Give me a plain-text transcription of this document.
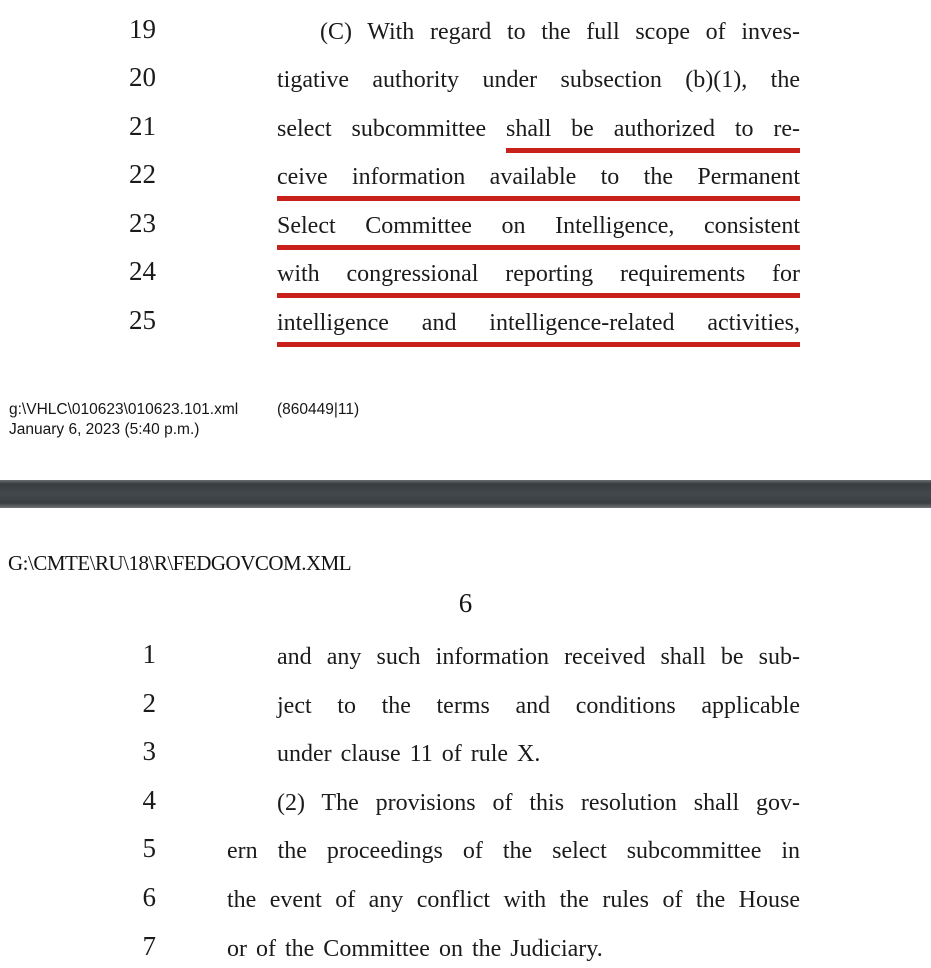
19	(C) With regard to the full scope of inves-
20	tigative authority under subsection (b)(1), the
21	select subcommittee shall be authorized to re-
22	ceive information available to the Permanent
23	Select Committee on Intelligence, consistent
24	with congressional reporting requirements for
25	intelligence and intelligence-related activities,
g:\VHLC\010623\010623.101.xml	(860449|11)
January 6, 2023 (5:40 p.m.)
G:\CMTE\RU\18\R\FEDGOVCOM.XML
6
1	and any such information received shall be sub-
2	ject to the terms and conditions applicable
3	under clause 11 of rule X.
4	(2) The provisions of this resolution shall gov-
5	ern the proceedings of the select subcommittee in
6	the event of any conflict with the rules of the House
7	or of the Committee on the Judiciary.
